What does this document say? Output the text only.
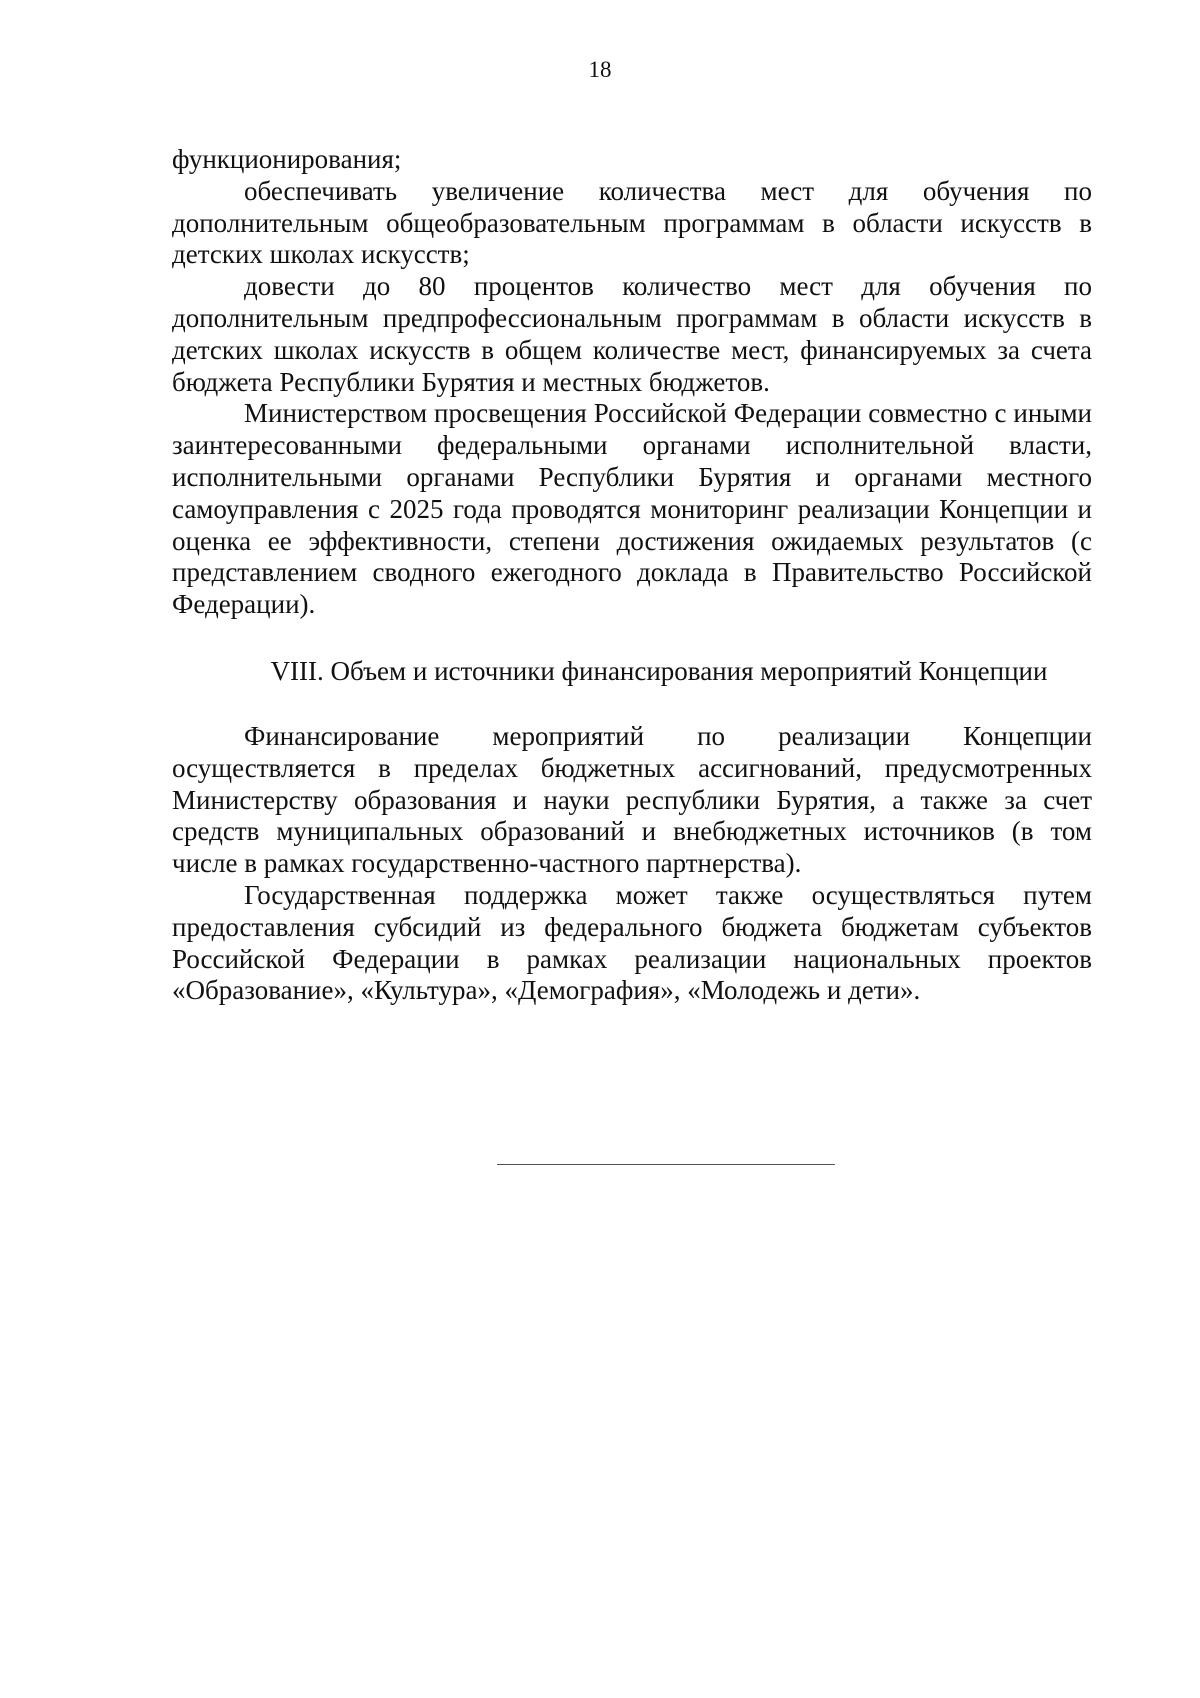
18

функционирования;

обеспечивать увеличение количества мест для обучения по дополнительным общеобразовательным программам в области искусств в детских школах искусств;

довести до 80 процентов количество мест для обучения по дополнительным предпрофессиональным программам в области искусств в детских школах искусств в общем количестве мест, финансируемых за счета бюджета Республики Бурятия и местных бюджетов.

Министерством просвещения Российской Федерации совместно с иными заинтересованными федеральными органами исполнительной власти, исполнительными органами Республики Бурятия и органами местного самоуправления с 2025 года проводятся мониторинг реализации Концепции и оценка ее эффективности, степени достижения ожидаемых результатов (с представлением сводного ежегодного доклада в Правительство Российской Федерации).

VIII. Объем и источники финансирования мероприятий Концепции

Финансирование мероприятий по реализации Концепции осуществляется в пределах бюджетных ассигнований, предусмотренных Министерству образования и науки республики Бурятия, а также за счет средств муниципальных образований и внебюджетных источников (в том числе в рамках государственно-частного партнерства).

Государственная поддержка может также осуществляться путем предоставления субсидий из федерального бюджета бюджетам субъектов Российской Федерации в рамках реализации национальных проектов «Образование», «Культура», «Демография», «Молодежь и дети».
